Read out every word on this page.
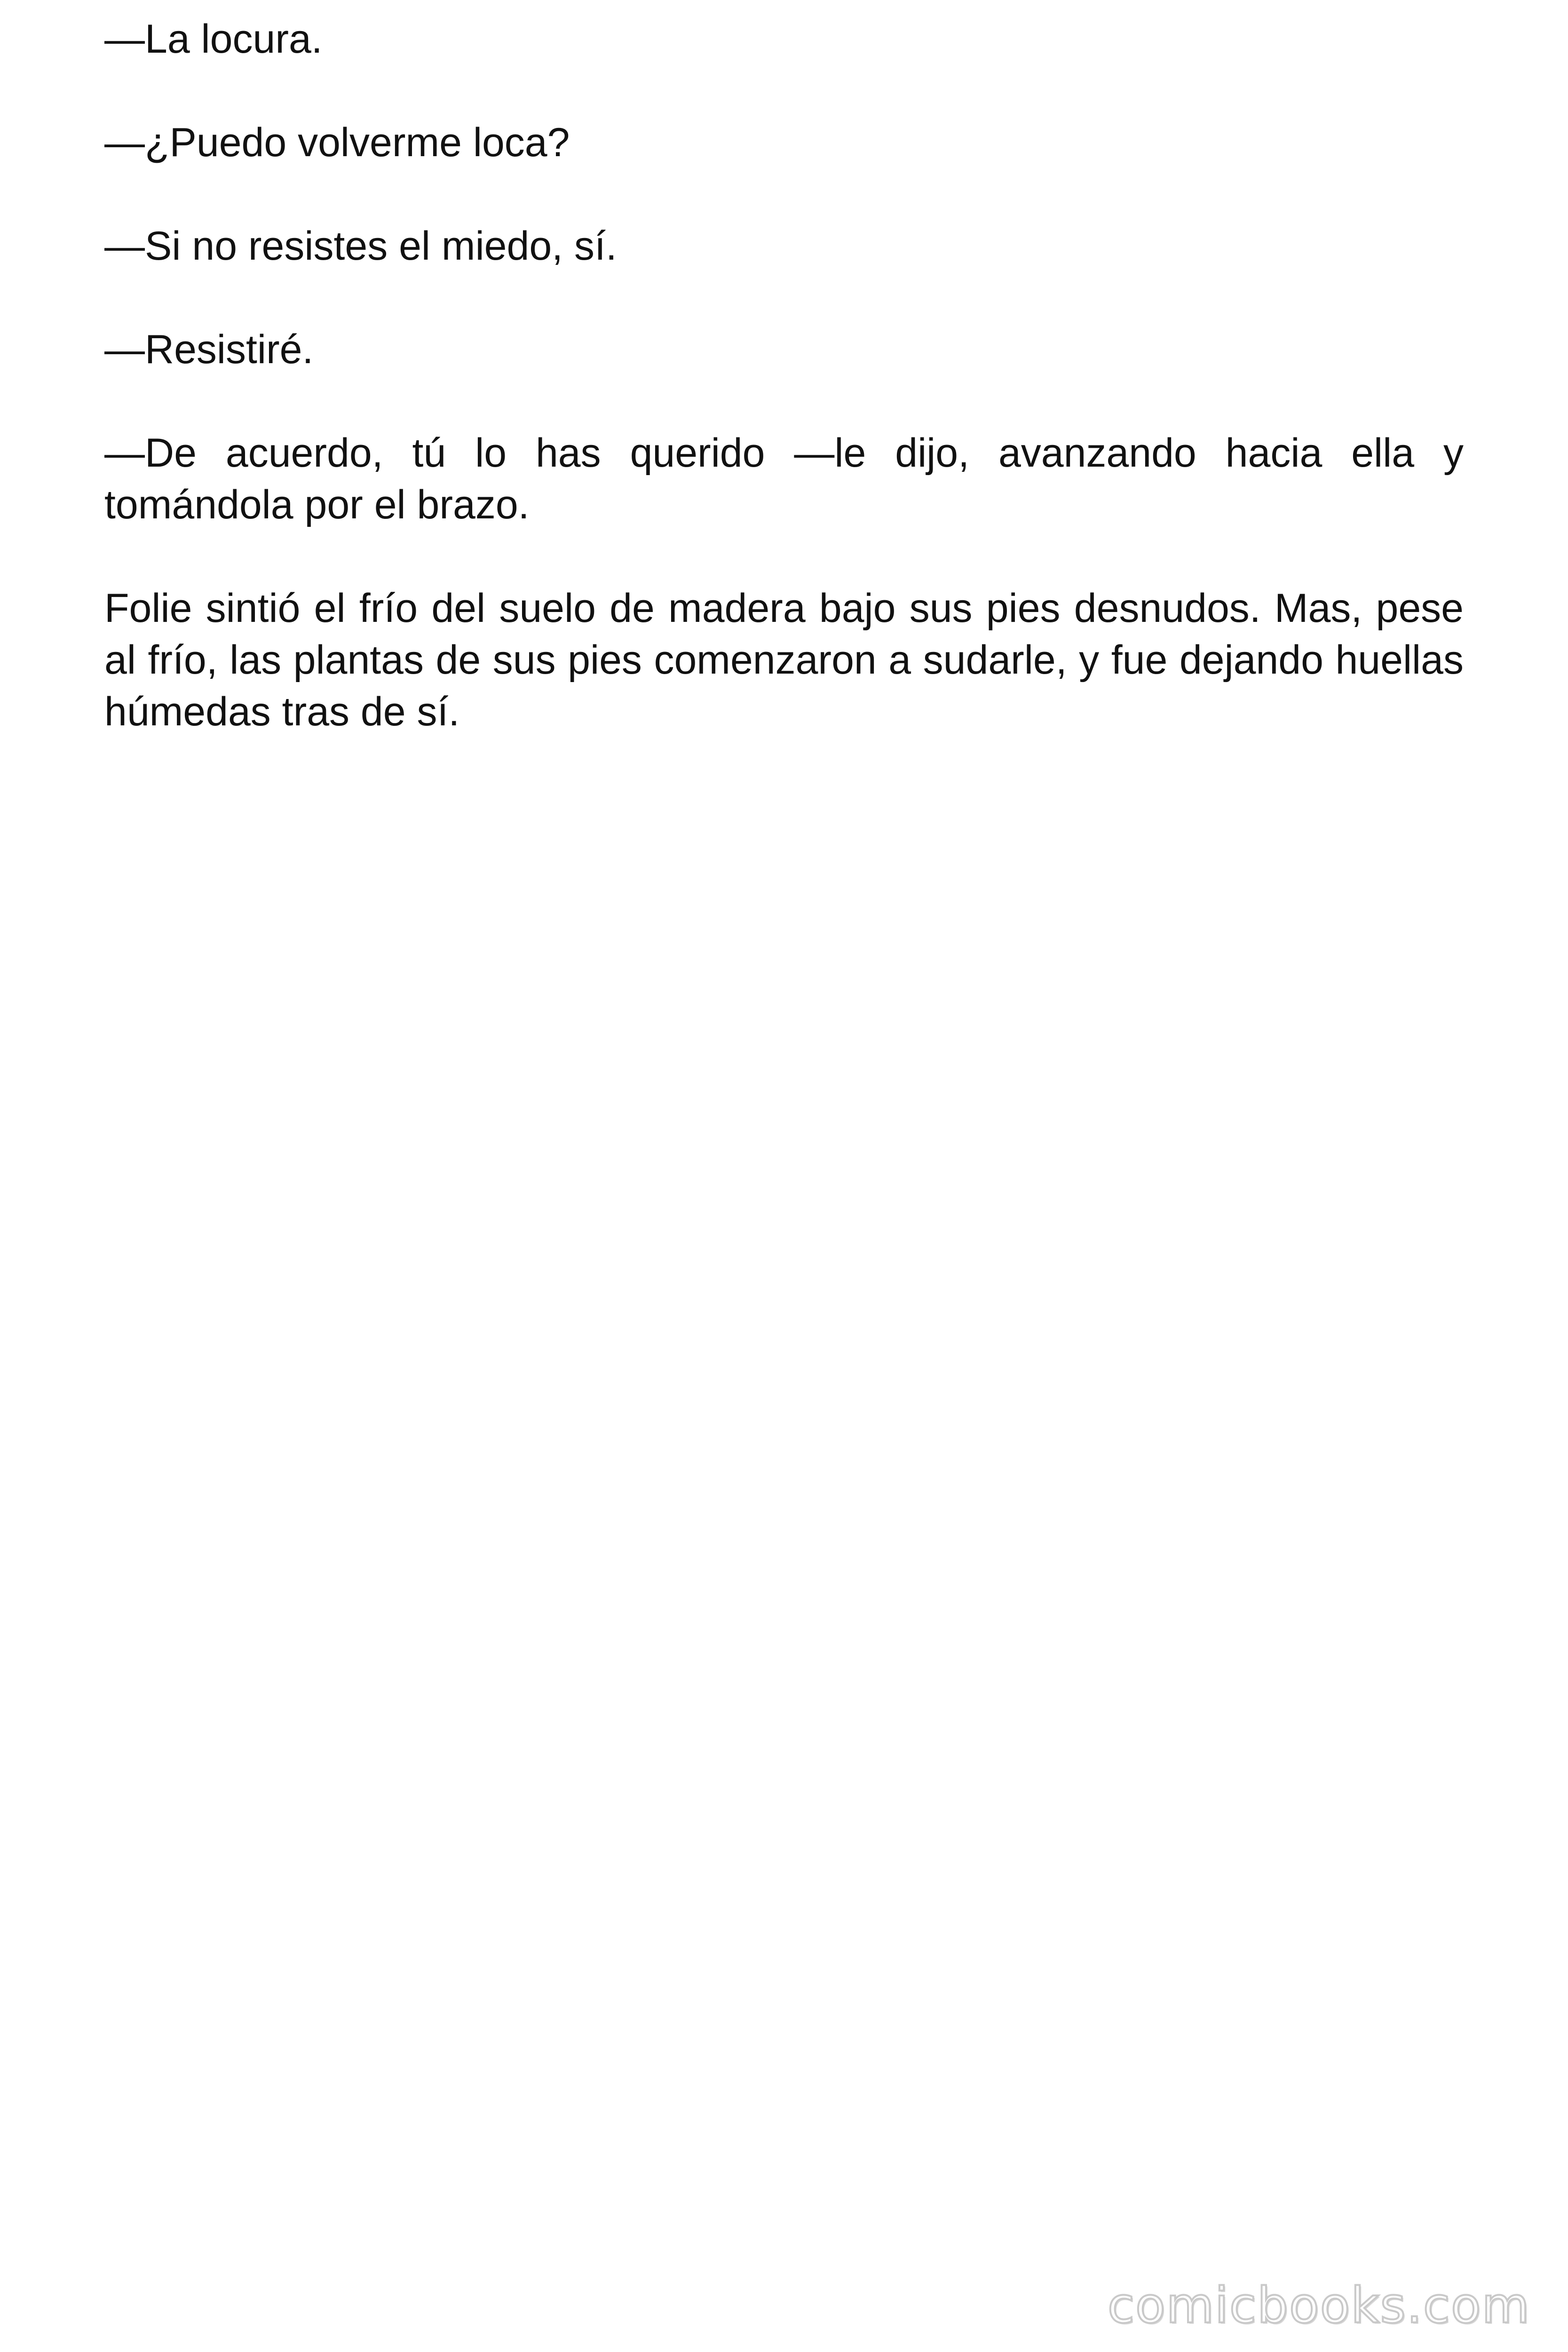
—La locura.

—¿Puedo volverme loca?

—Si no resistes el miedo, sí.

—Resistiré.

—De acuerdo, tú lo has querido —le dijo, avanzando hacia ella y tomándola por el brazo.

Folie sintió el frío del suelo de madera bajo sus pies desnudos. Mas, pese al frío, las plantas de sus pies comenzaron a sudarle, y fue dejando huellas húmedas tras de sí.

comicbooks.com
